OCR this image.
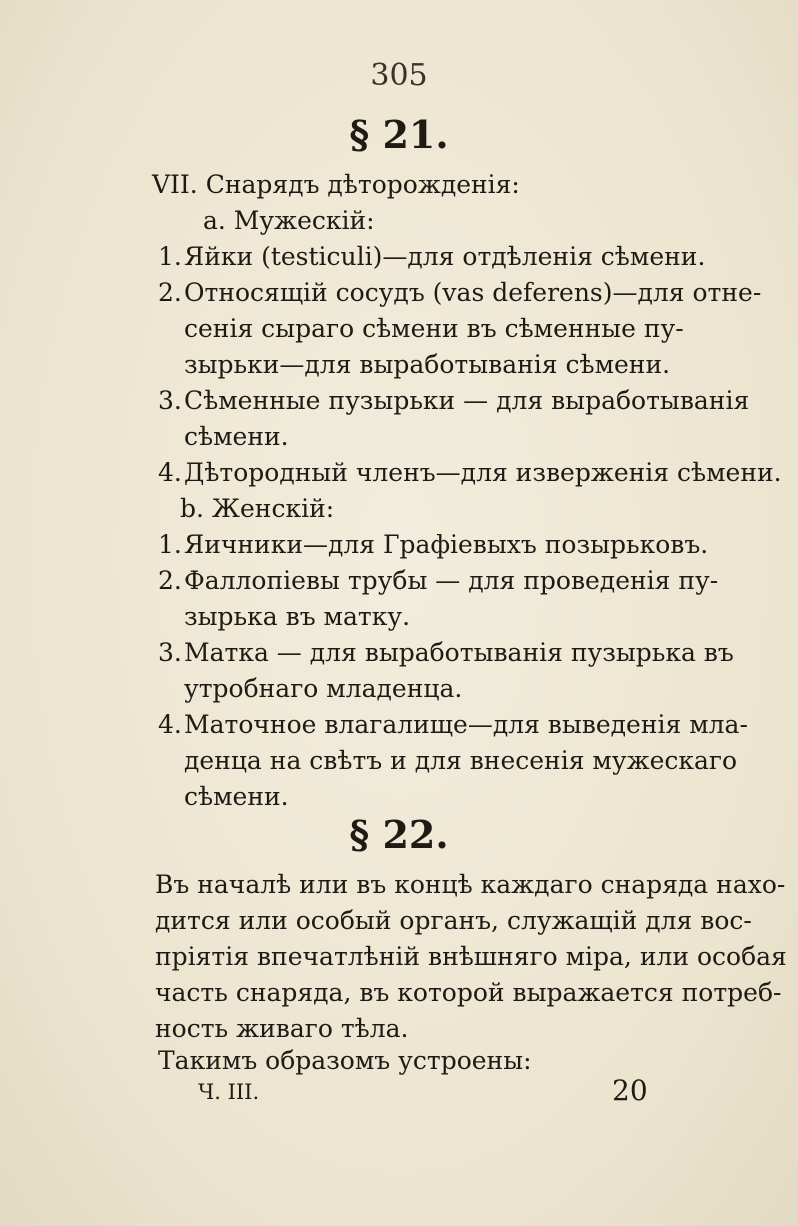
305
§ 21.
VII. Снарядъ дѣторожденія:
a. Мужескій:
1.Яйки (testiculi)—для отдѣленія сѣмени.
2.Относящій сосудъ (vas deferens)—для отне-
сенія сыраго сѣмени въ сѣменные пу-
зырьки—для выработыванія сѣмени.
3.Сѣменные пузырьки — для выработыванія
сѣмени.
4.Дѣтородный членъ—для изверженія сѣмени.
b. Женскій:
1.Яичники—для Графіевыхъ позырьковъ.
2.Фаллопіевы трубы — для проведенія пу-
зырька въ матку.
3.Матка — для выработыванія пузырька въ
утробнаго младенца.
4.Маточное влагалище—для выведенія мла-
денца на свѣтъ и для внесенія мужескаго
сѣмени.
§ 22.
Въ началѣ или въ концѣ каждаго снаряда нахо-
дится или особый органъ, служащій для вос-
пріятія впечатлѣній внѣшняго міра, или особая
часть снаряда, въ которой выражается потреб-
ность живаго тѣла.
Такимъ образомъ устроены:
Ч. III.	20
